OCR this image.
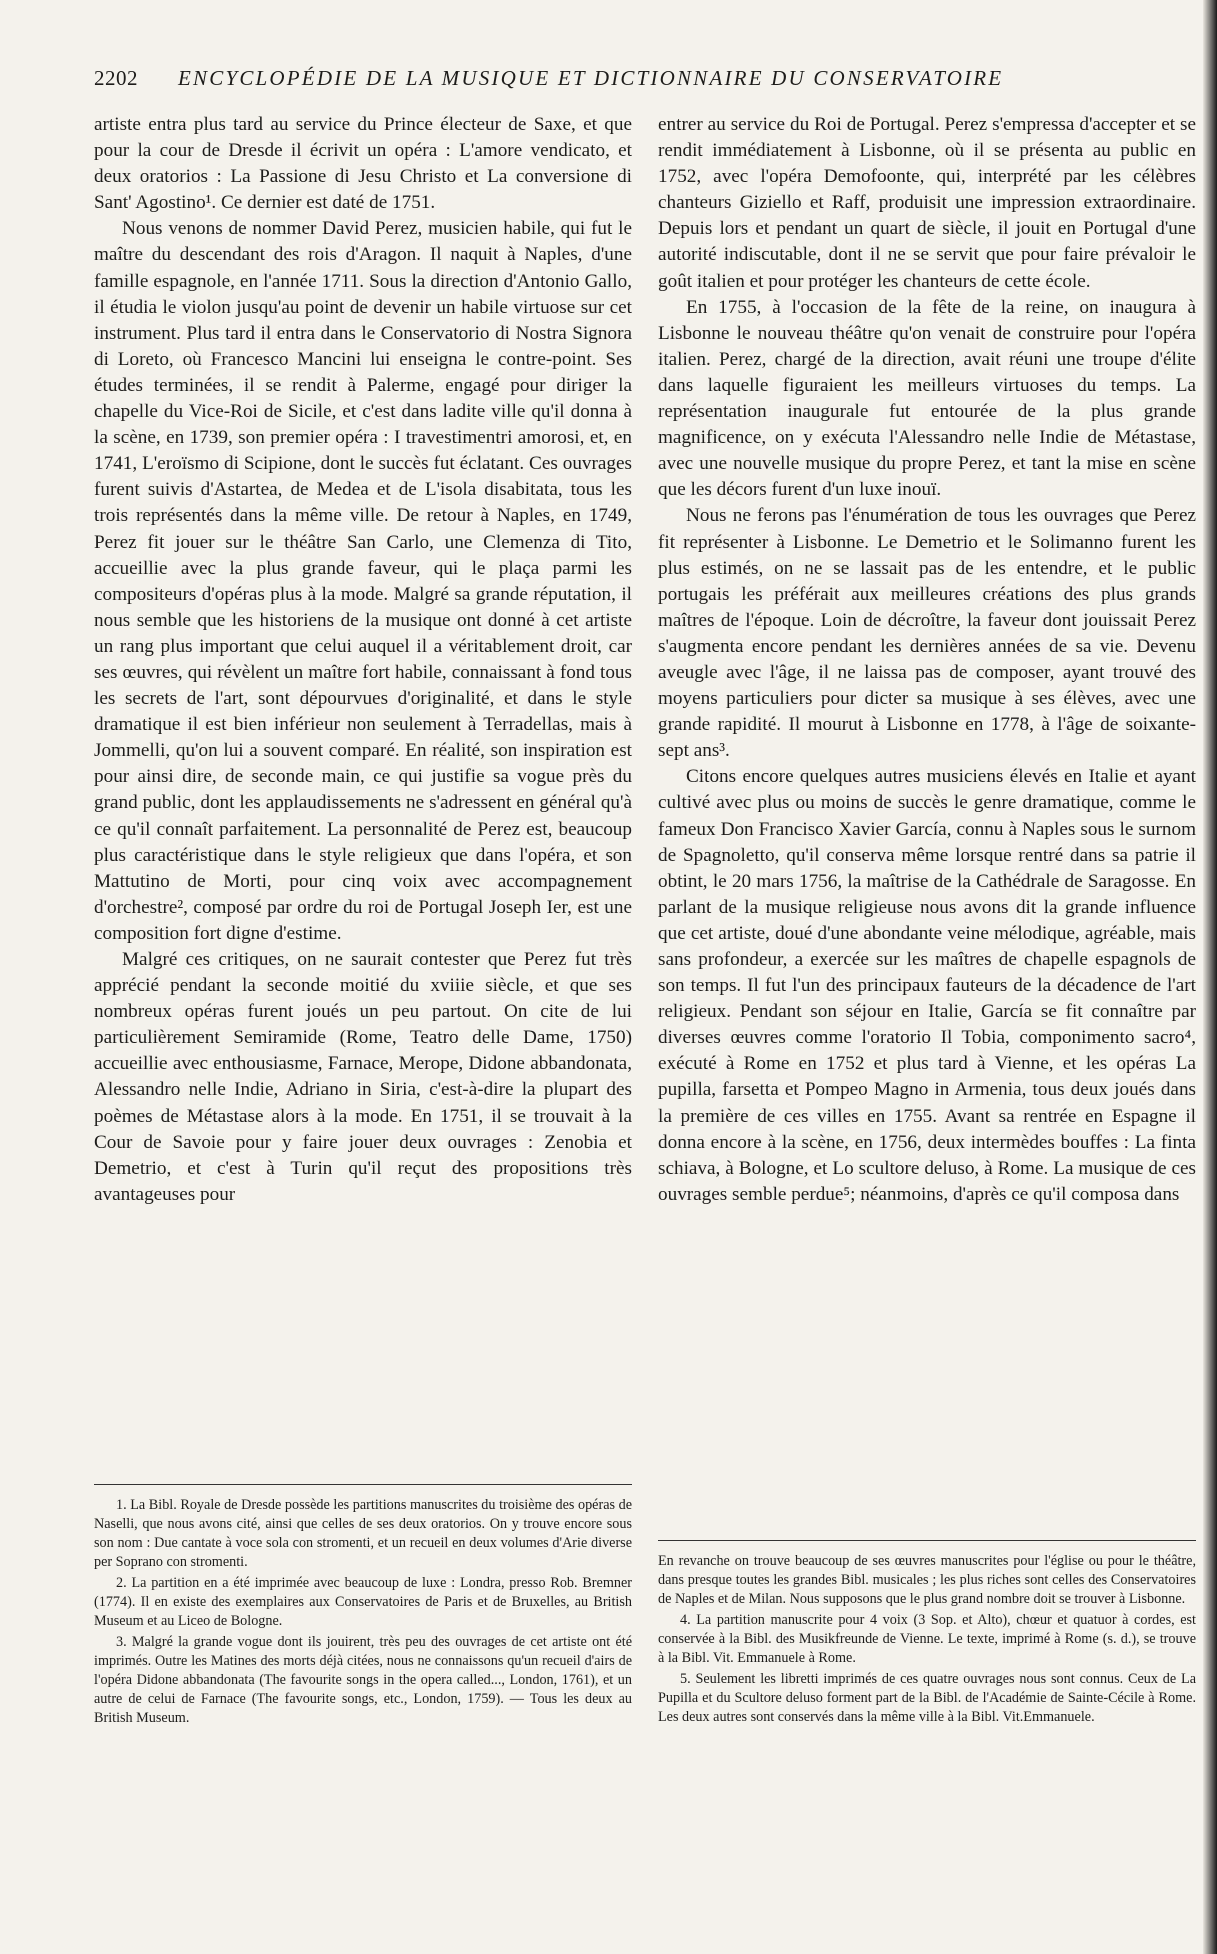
2202 ENCYCLOPÉDIE DE LA MUSIQUE ET DICTIONNAIRE DU CONSERVATOIRE

artiste entra plus tard au service du Prince électeur de Saxe, et que pour la cour de Dresde il écrivit un opéra : L'amore vendicato, et deux oratorios : La Passione di Jesu Christo et La conversione di Sant' Agostino¹. Ce dernier est daté de 1751.

Nous venons de nommer David Perez, musicien habile, qui fut le maître du descendant des rois d'Aragon. Il naquit à Naples, d'une famille espagnole, en l'année 1711. Sous la direction d'Antonio Gallo, il étudia le violon jusqu'au point de devenir un habile virtuose sur cet instrument. Plus tard il entra dans le Conservatorio di Nostra Signora di Loreto, où Francesco Mancini lui enseigna le contre-point. Ses études terminées, il se rendit à Palerme, engagé pour diriger la chapelle du Vice-Roi de Sicile, et c'est dans ladite ville qu'il donna à la scène, en 1739, son premier opéra : I travestimentri amorosi, et, en 1741, L'eroïsmo di Scipione, dont le succès fut éclatant. Ces ouvrages furent suivis d'Astartea, de Medea et de L'isola disabitata, tous les trois représentés dans la même ville. De retour à Naples, en 1749, Perez fit jouer sur le théâtre San Carlo, une Clemenza di Tito, accueillie avec la plus grande faveur, qui le plaça parmi les compositeurs d'opéras plus à la mode. Malgré sa grande réputation, il nous semble que les historiens de la musique ont donné à cet artiste un rang plus important que celui auquel il a véritablement droit, car ses œuvres, qui révèlent un maître fort habile, connaissant à fond tous les secrets de l'art, sont dépourvues d'originalité, et dans le style dramatique il est bien inférieur non seulement à Terradellas, mais à Jommelli, qu'on lui a souvent comparé. En réalité, son inspiration est pour ainsi dire, de seconde main, ce qui justifie sa vogue près du grand public, dont les applaudissements ne s'adressent en général qu'à ce qu'il connaît parfaitement. La personnalité de Perez est, beaucoup plus caractéristique dans le style religieux que dans l'opéra, et son Mattutino de Morti, pour cinq voix avec accompagnement d'orchestre², composé par ordre du roi de Portugal Joseph Ier, est une composition fort digne d'estime.

Malgré ces critiques, on ne saurait contester que Perez fut très apprécié pendant la seconde moitié du xviiie siècle, et que ses nombreux opéras furent joués un peu partout. On cite de lui particulièrement Semiramide (Rome, Teatro delle Dame, 1750) accueillie avec enthousiasme, Farnace, Merope, Didone abbandonata, Alessandro nelle Indie, Adriano in Siria, c'est-à-dire la plupart des poèmes de Métastase alors à la mode. En 1751, il se trouvait à la Cour de Savoie pour y faire jouer deux ouvrages : Zenobia et Demetrio, et c'est à Turin qu'il reçut des propositions très avantageuses pour

entrer au service du Roi de Portugal. Perez s'empressa d'accepter et se rendit immédiatement à Lisbonne, où il se présenta au public en 1752, avec l'opéra Demofoonte, qui, interprété par les célèbres chanteurs Giziello et Raff, produisit une impression extraordinaire. Depuis lors et pendant un quart de siècle, il jouit en Portugal d'une autorité indiscutable, dont il ne se servit que pour faire prévaloir le goût italien et pour protéger les chanteurs de cette école.

En 1755, à l'occasion de la fête de la reine, on inaugura à Lisbonne le nouveau théâtre qu'on venait de construire pour l'opéra italien. Perez, chargé de la direction, avait réuni une troupe d'élite dans laquelle figuraient les meilleurs virtuoses du temps. La représentation inaugurale fut entourée de la plus grande magnificence, on y exécuta l'Alessandro nelle Indie de Métastase, avec une nouvelle musique du propre Perez, et tant la mise en scène que les décors furent d'un luxe inouï.

Nous ne ferons pas l'énumération de tous les ouvrages que Perez fit représenter à Lisbonne. Le Demetrio et le Solimanno furent les plus estimés, on ne se lassait pas de les entendre, et le public portugais les préférait aux meilleures créations des plus grands maîtres de l'époque. Loin de décroître, la faveur dont jouissait Perez s'augmenta encore pendant les dernières années de sa vie. Devenu aveugle avec l'âge, il ne laissa pas de composer, ayant trouvé des moyens particuliers pour dicter sa musique à ses élèves, avec une grande rapidité. Il mourut à Lisbonne en 1778, à l'âge de soixante-sept ans³.

Citons encore quelques autres musiciens élevés en Italie et ayant cultivé avec plus ou moins de succès le genre dramatique, comme le fameux Don Francisco Xavier García, connu à Naples sous le surnom de Spagnoletto, qu'il conserva même lorsque rentré dans sa patrie il obtint, le 20 mars 1756, la maîtrise de la Cathédrale de Saragosse. En parlant de la musique religieuse nous avons dit la grande influence que cet artiste, doué d'une abondante veine mélodique, agréable, mais sans profondeur, a exercée sur les maîtres de chapelle espagnols de son temps. Il fut l'un des principaux fauteurs de la décadence de l'art religieux. Pendant son séjour en Italie, García se fit connaître par diverses œuvres comme l'oratorio Il Tobia, componimento sacro⁴, exécuté à Rome en 1752 et plus tard à Vienne, et les opéras La pupilla, farsetta et Pompeo Magno in Armenia, tous deux joués dans la première de ces villes en 1755. Avant sa rentrée en Espagne il donna encore à la scène, en 1756, deux intermèdes bouffes : La finta schiava, à Bologne, et Lo scultore deluso, à Rome. La musique de ces ouvrages semble perdue⁵; néanmoins, d'après ce qu'il composa dans

1. La Bibl. Royale de Dresde possède les partitions manuscrites du troisième des opéras de Naselli, que nous avons cité, ainsi que celles de ses deux oratorios. On y trouve encore sous son nom : Due cantate à voce sola con stromenti, et un recueil en deux volumes d'Arie diverse per Soprano con stromenti.

2. La partition en a été imprimée avec beaucoup de luxe : Londra, presso Rob. Bremner (1774). Il en existe des exemplaires aux Conservatoires de Paris et de Bruxelles, au British Museum et au Liceo de Bologne.

3. Malgré la grande vogue dont ils jouirent, très peu des ouvrages de cet artiste ont été imprimés. Outre les Matines des morts déjà citées, nous ne connaissons qu'un recueil d'airs de l'opéra Didone abbandonata (The favourite songs in the opera called..., London, 1761), et un autre de celui de Farnace (The favourite songs, etc., London, 1759). — Tous les deux au British Museum.

En revanche on trouve beaucoup de ses œuvres manuscrites pour l'église ou pour le théâtre, dans presque toutes les grandes Bibl. musicales ; les plus riches sont celles des Conservatoires de Naples et de Milan. Nous supposons que le plus grand nombre doit se trouver à Lisbonne.

4. La partition manuscrite pour 4 voix (3 Sop. et Alto), chœur et quatuor à cordes, est conservée à la Bibl. des Musikfreunde de Vienne. Le texte, imprimé à Rome (s. d.), se trouve à la Bibl. Vit. Emmanuele à Rome.

5. Seulement les libretti imprimés de ces quatre ouvrages nous sont connus. Ceux de La Pupilla et du Scultore deluso forment part de la Bibl. de l'Académie de Sainte-Cécile à Rome. Les deux autres sont conservés dans la même ville à la Bibl. Vit.Emmanuele.
